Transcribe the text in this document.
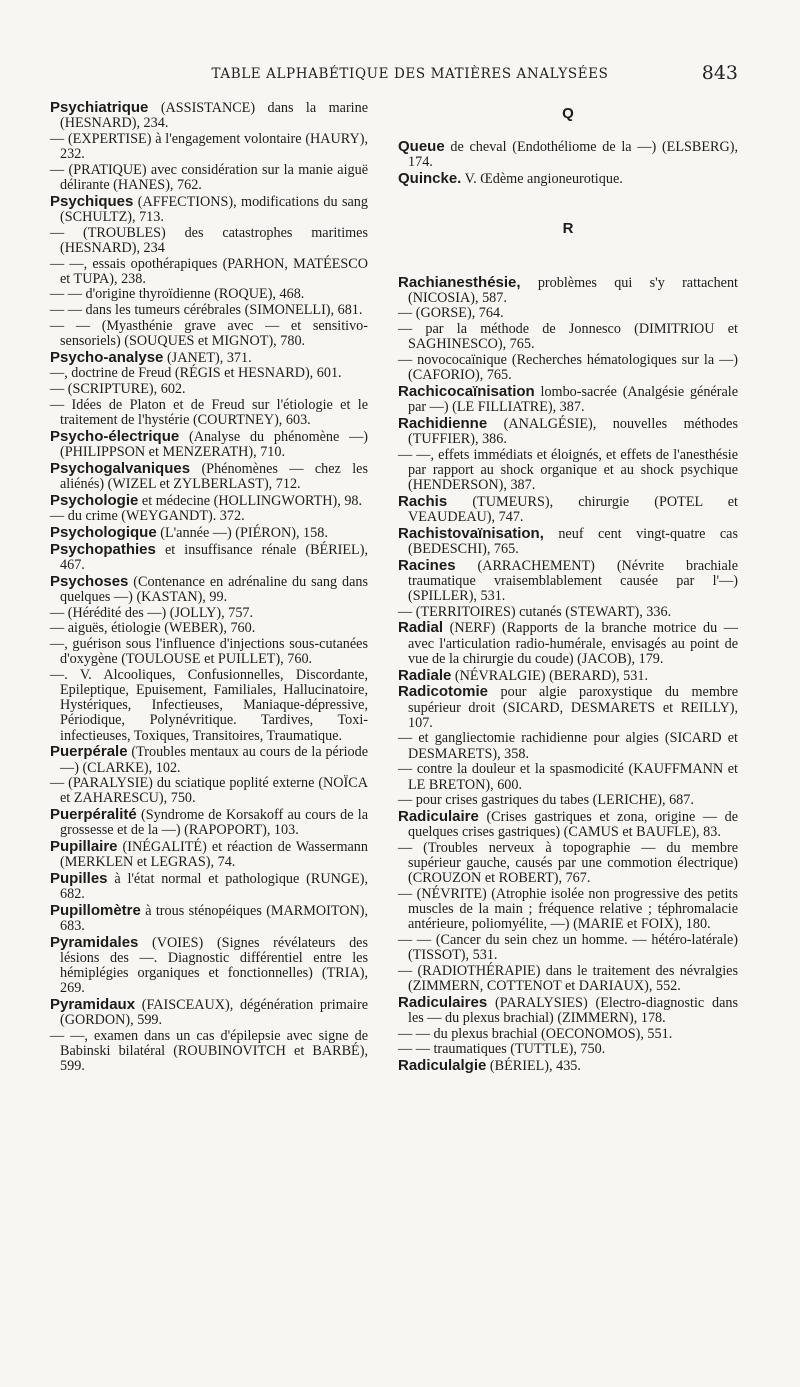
TABLE ALPHABÉTIQUE DES MATIÈRES ANALYSÉES	843

Psychiatrique (ASSISTANCE) dans la marine (HESNARD), 234.

— (EXPERTISE) à l'engagement volontaire (HAURY), 232.

— (PRATIQUE) avec considération sur la manie aiguë délirante (HANES), 762.

Psychiques (AFFECTIONS), modifications du sang (SCHULTZ), 713.

— (TROUBLES) des catastrophes maritimes (HESNARD), 234

— —, essais opothérapiques (PARHON, MATÉESCO et TUPA), 238.

— — d'origine thyroïdienne (ROQUE), 468.

— — dans les tumeurs cérébrales (SIMONELLI), 681.

— — (Myasthénie grave avec — et sensitivo-sensoriels) (SOUQUES et MIGNOT), 780.

Psycho-analyse (JANET), 371.

—, doctrine de Freud (RÉGIS et HESNARD), 601.

— (SCRIPTURE), 602.

— Idées de Platon et de Freud sur l'étiologie et le traitement de l'hystérie (COURTNEY), 603.

Psycho-électrique (Analyse du phénomène —) (PHILIPPSON et MENZERATH), 710.

Psychogalvaniques (Phénomènes — chez les aliénés) (WIZEL et ZYLBERLAST), 712.

Psychologie et médecine (HOLLINGWORTH), 98.

— du crime (WEYGANDT). 372.

Psychologique (L'année —) (PIÉRON), 158.

Psychopathies et insuffisance rénale (BÉRIEL), 467.

Psychoses (Contenance en adrénaline du sang dans quelques —) (KASTAN), 99.

— (Hérédité des —) (JOLLY), 757.

— aiguës, étiologie (WEBER), 760.

—, guérison sous l'influence d'injections sous-cutanées d'oxygène (TOULOUSE et PUILLET), 760.

—. V. Alcooliques, Confusionnelles, Discordante, Epileptique, Epuisement, Familiales, Hallucinatoire, Hystériques, Infectieuses, Maniaque-dépressive, Périodique, Polynévritique. Tardives, Toxi-infectieuses, Toxiques, Transitoires, Traumatique.

Puerpérale (Troubles mentaux au cours de la période —) (CLARKE), 102.

— (PARALYSIE) du sciatique poplité externe (NOÏCA et ZAHARESCU), 750.

Puerpéralité (Syndrome de Korsakoff au cours de la grossesse et de la —) (RAPOPORT), 103.

Pupillaire (INÉGALITÉ) et réaction de Wassermann (MERKLEN et LEGRAS), 74.

Pupilles à l'état normal et pathologique (RUNGE), 682.

Pupillomètre à trous sténopéiques (MARMOITON), 683.

Pyramidales (VOIES) (Signes révélateurs des lésions des —. Diagnostic différentiel entre les hémiplégies organiques et fonctionnelles) (TRIA), 269.

Pyramidaux (FAISCEAUX), dégénération primaire (GORDON), 599.

— —, examen dans un cas d'épilepsie avec signe de Babinski bilatéral (ROUBINOVITCH et BARBÉ), 599.

Q

Queue de cheval (Endothéliome de la —) (ELSBERG), 174.

Quincke. V. Œdème angioneurotique.

R

Rachianesthésie, problèmes qui s'y rattachent (NICOSIA), 587.

— (GORSE), 764.

— par la méthode de Jonnesco (DIMITRIOU et SAGHINESCO), 765.

— novococaïnique (Recherches hématologiques sur la —) (CAFORIO), 765.

Rachicocaïnisation lombo-sacrée (Analgésie générale par —) (LE FILLIATRE), 387.

Rachidienne (ANALGÉSIE), nouvelles méthodes (TUFFIER), 386.

— —, effets immédiats et éloignés, et effets de l'anesthésie par rapport au shock organique et au shock psychique (HENDERSON), 387.

Rachis (TUMEURS), chirurgie (POTEL et VEAUDEAU), 747.

Rachistovaïnisation, neuf cent vingt-quatre cas (BEDESCHI), 765.

Racines (ARRACHEMENT) (Névrite brachiale traumatique vraisemblablement causée par l'—) (SPILLER), 531.

— (TERRITOIRES) cutanés (STEWART), 336.

Radial (NERF) (Rapports de la branche motrice du — avec l'articulation radio-humérale, envisagés au point de vue de la chirurgie du coude) (JACOB), 179.

Radiale (NÉVRALGIE) (BERARD), 531.

Radicotomie pour algie paroxystique du membre supérieur droit (SICARD, DESMARETS et REILLY), 107.

— et gangliectomie rachidienne pour algies (SICARD et DESMARETS), 358.

— contre la douleur et la spasmodicité (KAUFFMANN et LE BRETON), 600.

— pour crises gastriques du tabes (LERICHE), 687.

Radiculaire (Crises gastriques et zona, origine — de quelques crises gastriques) (CAMUS et BAUFLE), 83.

— (Troubles nerveux à topographie — du membre supérieur gauche, causés par une commotion électrique) (CROUZON et ROBERT), 767.

— (NÉVRITE) (Atrophie isolée non progressive des petits muscles de la main ; fréquence relative ; téphromalacie antérieure, poliomyélite, —) (MARIE et FOIX), 180.

— — (Cancer du sein chez un homme. — hétéro-latérale) (TISSOT), 531.

— (RADIOTHÉRAPIE) dans le traitement des névralgies (ZIMMERN, COTTENOT et DARIAUX), 552.

Radiculaires (PARALYSIES) (Electro-diagnostic dans les — du plexus brachial) (ZIMMERN), 178.

— — du plexus brachial (OECONOMOS), 551.

— — traumatiques (TUTTLE), 750.

Radiculalgie (BÉRIEL), 435.
